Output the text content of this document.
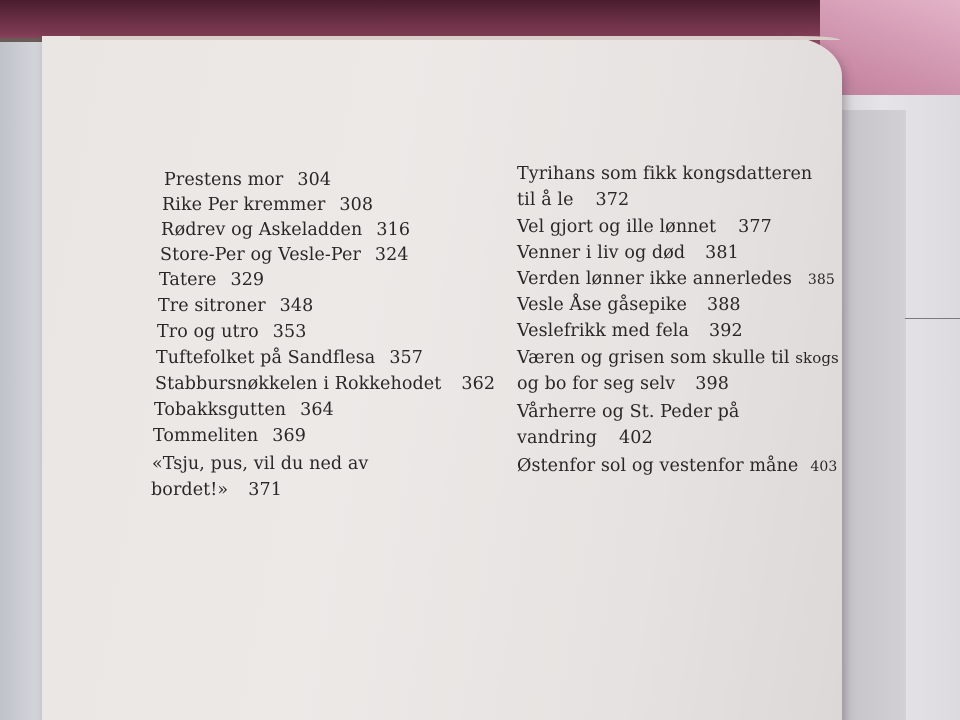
Prestens mor 304
Rike Per kremmer 308
Rødrev og Askeladden 316
Store-Per og Vesle-Per 324
Tatere 329
Tre sitroner 348
Tro og utro 353
Tuftefolket på Sandflesa 357
Stabbursnøkkelen i Rokkehodet 362
Tobakksgutten 364
Tommeliten 369
«Tsju, pus, vil du ned av
bordet!» 371
Tyrihans som fikk kongsdatteren
til å le 372
Vel gjort og ille lønnet 377
Venner i liv og død 381
Verden lønner ikke annerledes 385
Vesle Åse gåsepike 388
Veslefrikk med fela 392
Væren og grisen som skulle til skogs
og bo for seg selv 398
Vårherre og St. Peder på
vandring 402
Østenfor sol og vestenfor måne 403
